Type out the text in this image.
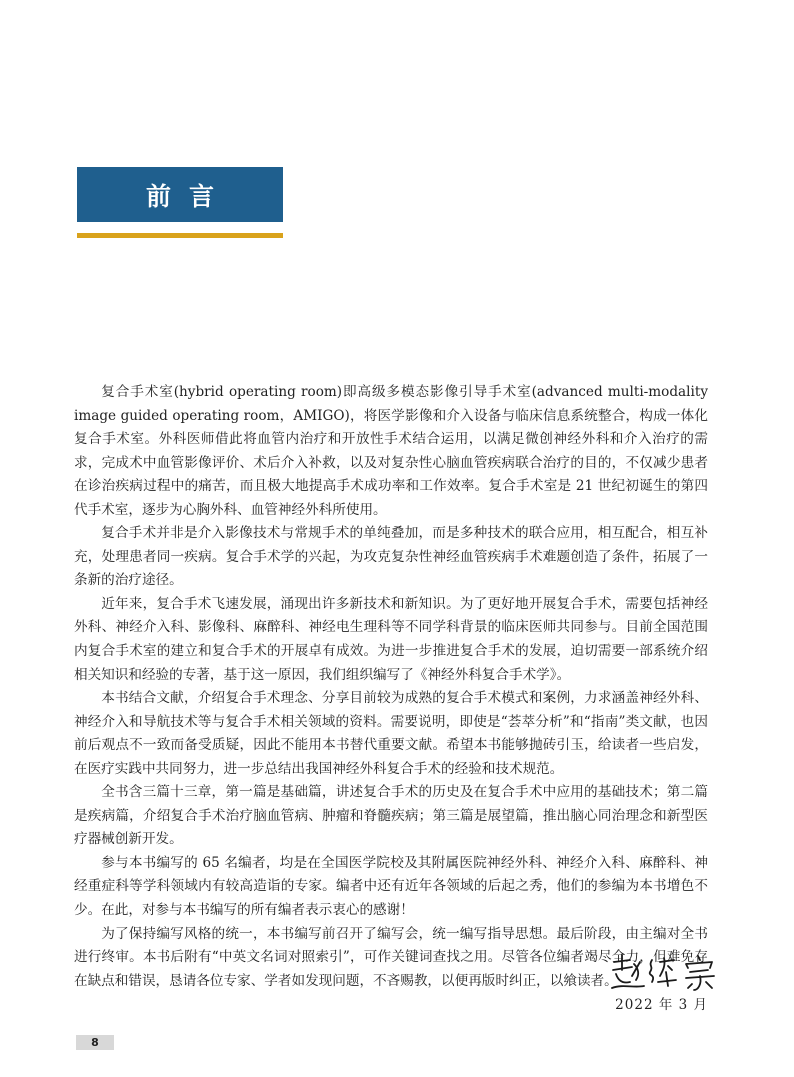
前言

复合手术室(hybrid operating room)即高级多模态影像引导手术室(advanced multi-modality image guided operating room，AMIGO)，将医学影像和介入设备与临床信息系统整合，构成一体化复合手术室。外科医师借此将血管内治疗和开放性手术结合运用，以满足微创神经外科和介入治疗的需求，完成术中血管影像评价、术后介入补救，以及对复杂性心脑血管疾病联合治疗的目的，不仅减少患者在诊治疾病过程中的痛苦，而且极大地提高手术成功率和工作效率。复合手术室是 21 世纪初诞生的第四代手术室，逐步为心胸外科、血管神经外科所使用。

复合手术并非是介入影像技术与常规手术的单纯叠加，而是多种技术的联合应用，相互配合，相互补充，处理患者同一疾病。复合手术学的兴起，为攻克复杂性神经血管疾病手术难题创造了条件，拓展了一条新的治疗途径。

近年来，复合手术飞速发展，涌现出许多新技术和新知识。为了更好地开展复合手术，需要包括神经外科、神经介入科、影像科、麻醉科、神经电生理科等不同学科背景的临床医师共同参与。目前全国范围内复合手术室的建立和复合手术的开展卓有成效。为进一步推进复合手术的发展，迫切需要一部系统介绍相关知识和经验的专著，基于这一原因，我们组织编写了《神经外科复合手术学》。

本书结合文献，介绍复合手术理念、分享目前较为成熟的复合手术模式和案例，力求涵盖神经外科、神经介入和导航技术等与复合手术相关领域的资料。需要说明，即使是“荟萃分析”和“指南”类文献，也因前后观点不一致而备受质疑，因此不能用本书替代重要文献。希望本书能够抛砖引玉，给读者一些启发，在医疗实践中共同努力，进一步总结出我国神经外科复合手术的经验和技术规范。

全书含三篇十三章，第一篇是基础篇，讲述复合手术的历史及在复合手术中应用的基础技术；第二篇是疾病篇，介绍复合手术治疗脑血管病、肿瘤和脊髓疾病；第三篇是展望篇，推出脑心同治理念和新型医疗器械创新开发。

参与本书编写的 65 名编者，均是在全国医学院校及其附属医院神经外科、神经介入科、麻醉科、神经重症科等学科领域内有较高造诣的专家。编者中还有近年各领域的后起之秀，他们的参编为本书增色不少。在此，对参与本书编写的所有编者表示衷心的感谢！

为了保持编写风格的统一，本书编写前召开了编写会，统一编写指导思想。最后阶段，由主编对全书进行终审。本书后附有“中英文名词对照索引”，可作关键词查找之用。尽管各位编者竭尽全力，但难免存在缺点和错误，恳请各位专家、学者如发现问题，不吝赐教，以便再版时纠正，以飨读者。

2022 年 3 月
8
